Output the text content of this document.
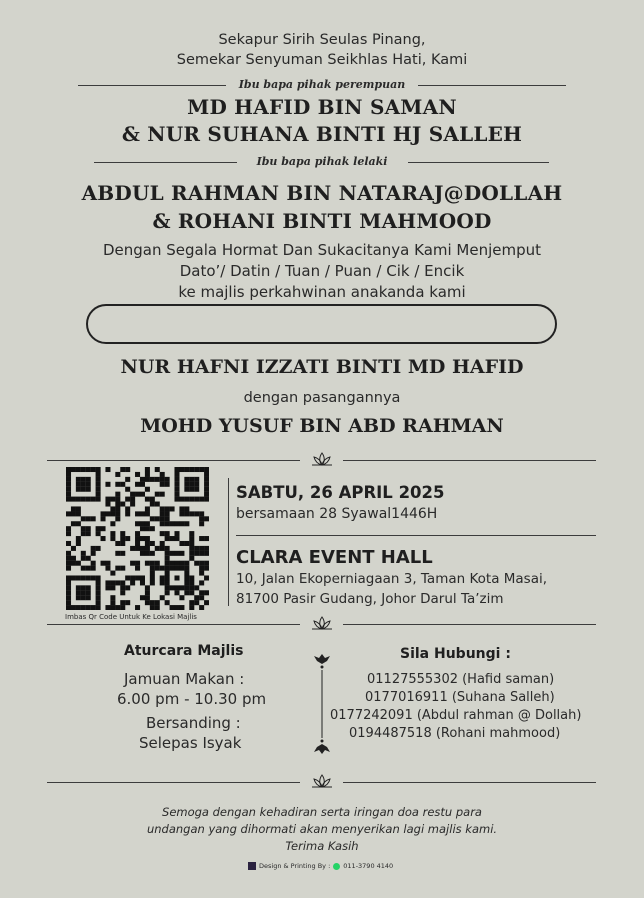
Sekapur Sirih Seulas Pinang,
Semekar Senyuman Seikhlas Hati, Kami
Ibu bapa pihak perempuan
MD HAFID BIN SAMAN
& NUR SUHANA BINTI HJ SALLEH
Ibu bapa pihak lelaki
ABDUL RAHMAN BIN NATARAJ@DOLLAH
& ROHANI BINTI MAHMOOD
Dengan Segala Hormat Dan Sukacitanya Kami Menjemput
Dato’/ Datin / Tuan / Puan / Cik / Encik
ke majlis perkahwinan anakanda kami
NUR HAFNI IZZATI BINTI MD HAFID
dengan pasangannya
MOHD YUSUF BIN ABD RAHMAN
Imbas Qr Code Untuk Ke Lokasi Majlis
SABTU, 26 APRIL 2025
bersamaan 28 Syawal1446H
CLARA EVENT HALL
10, Jalan Ekoperniagaan 3, Taman Kota Masai,
81700 Pasir Gudang, Johor Darul Ta’zim
Aturcara Majlis
Jamuan Makan :
6.00 pm - 10.30 pm
Bersanding :
Selepas Isyak
Sila Hubungi :
01127555302 (Hafid saman)
0177016911 (Suhana Salleh)
0177242091 (Abdul rahman @ Dollah)
0194487518 (Rohani mahmood)
Semoga dengan kehadiran serta iringan doa restu para
undangan yang dihormati akan menyerikan lagi majlis kami.
Terima Kasih
Design & Printing By : 011-3790 4140
